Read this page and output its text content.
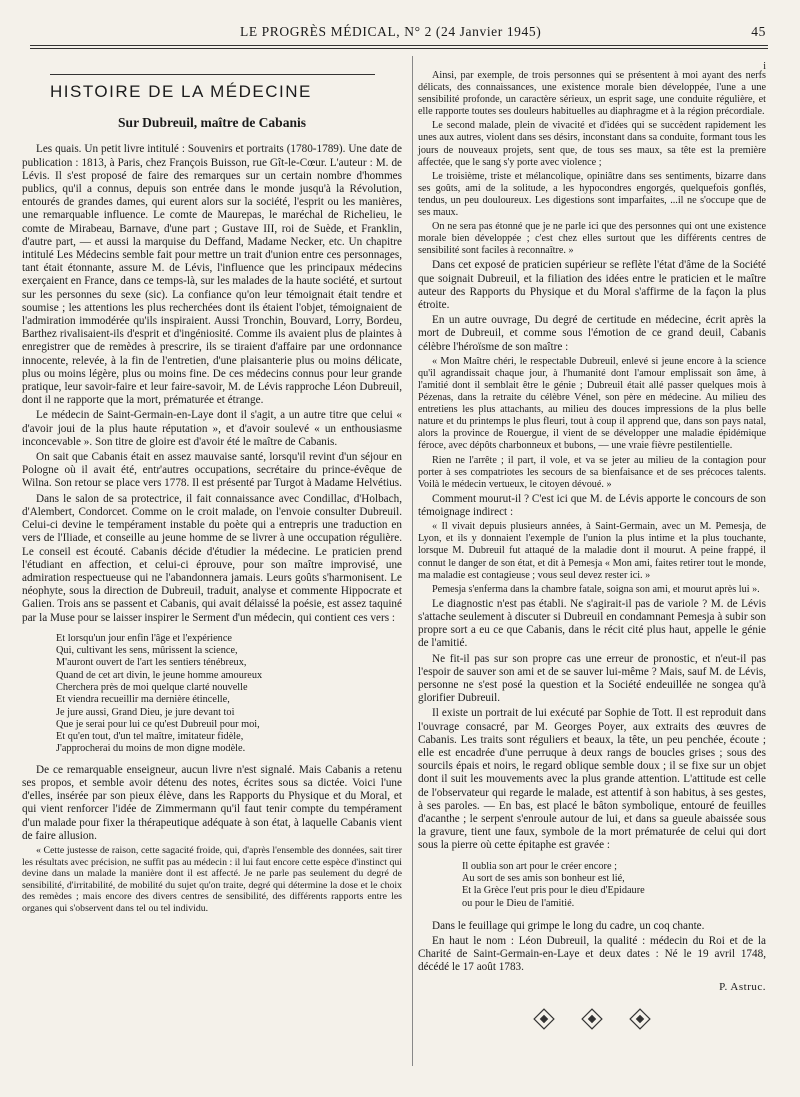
LE PROGRÈS MÉDICAL, N° 2 (24 Janvier 1945)	45
HISTOIRE DE LA MÉDECINE
Sur Dubreuil, maître de Cabanis

Les quais. Un petit livre intitulé : Souvenirs et portraits (1780-1789). Une date de publication : 1813, à Paris, chez François Buisson, rue Gît-le-Cœur. L'auteur : M. de Lévis. Il s'est proposé de faire des remarques sur un certain nombre d'hommes publics, qu'il a connus, depuis son entrée dans le monde jusqu'à la Révolution, entourés de grandes dames, qui eurent alors sur la société, l'esprit ou les manières, une remarquable influence. Le comte de Maurepas, le maréchal de Richelieu, le comte de Mirabeau, Barnave, d'une part ; Gustave III, roi de Suède, et Franklin, d'autre part, — et aussi la marquise du Deffand, Madame Necker, etc. Un chapitre intitulé Les Médecins semble fait pour mettre un trait d'union entre ces personnages, tant était étonnante, assure M. de Lévis, l'influence que les principaux médecins exerçaient en France, dans ce temps-là, sur les malades de la haute société, et surtout sur les personnes du sexe (sic). La confiance qu'on leur témoignait était tendre et soumise ; les attentions les plus recherchées dont ils étaient l'objet, témoignaient de l'admiration immodérée qu'ils inspiraient. Aussi Tronchin, Bouvard, Lorry, Bordeu, Barthez rivalisaient-ils d'esprit et d'ingéniosité. Comme ils avaient plus de plaintes à enregistrer que de remèdes à prescrire, ils se tiraient d'affaire par une ordonnance innocente, relevée, à la fin de l'entretien, d'une plaisanterie plus ou moins délicate, plus ou moins légère, plus ou moins fine. De ces médecins connus pour leur grande pratique, leur savoir-faire et leur faire-savoir, M. de Lévis rapproche Léon Dubreuil, dont il ne rapporte que la mort, prématurée et étrange.

Le médecin de Saint-Germain-en-Laye dont il s'agit, a un autre titre que celui « d'avoir joui de la plus haute réputation », et d'avoir soulevé « un enthousiasme inconcevable ». Son titre de gloire est d'avoir été le maître de Cabanis.

On sait que Cabanis était en assez mauvaise santé, lorsqu'il revint d'un séjour en Pologne où il avait été, entr'autres occupations, secrétaire du prince-évêque de Wilna. Son retour se place vers 1778. Il est présenté par Turgot à Madame Helvétius.

Dans le salon de sa protectrice, il fait connaissance avec Condillac, d'Holbach, d'Alembert, Condorcet. Comme on le croit malade, on l'envoie consulter Dubreuil. Celui-ci devine le tempérament instable du poète qui a entrepris une traduction en vers de l'Iliade, et conseille au jeune homme de se livrer à une occupation régulière. Le conseil est écouté. Cabanis décide d'étudier la médecine. Le praticien prend l'étudiant en affection, et celui-ci éprouve, pour son maître improvisé, une admiration respectueuse qui ne l'abandonnera jamais. Leurs goûts s'harmonisent. Le néophyte, sous la direction de Dubreuil, traduit, analyse et commente Hippocrate et Galien. Trois ans se passent et Cabanis, qui avait délaissé la poésie, est assez taquiné par la Muse pour se laisser inspirer le Serment d'un médecin, qui contient ces vers :

Et lorsqu'un jour enfin l'âge et l'expérience
Qui, cultivant les sens, mûrissent la science,
M'auront ouvert de l'art les sentiers ténébreux,
Quand de cet art divin, le jeune homme amoureux
Cherchera près de moi quelque clarté nouvelle
Et viendra recueillir ma dernière étincelle,
Je jure aussi, Grand Dieu, je jure devant toi
Que je serai pour lui ce qu'est Dubreuil pour moi,
Et qu'en tout, d'un tel maître, imitateur fidèle,
J'approcherai du moins de mon digne modèle.

De ce remarquable enseigneur, aucun livre n'est signalé. Mais Cabanis a retenu ses propos, et semble avoir détenu des notes, écrites sous sa dictée. Voici l'une d'elles, insérée par son pieux élève, dans les Rapports du Physique et du Moral, et qui vient renforcer l'idée de Zimmermann qu'il faut tenir compte du tempérament d'un malade pour fixer la thérapeutique adéquate à son état, à laquelle Cabanis vient de faire allusion.

« Cette justesse de raison, cette sagacité froide, qui, d'après l'ensemble des données, sait tirer les résultats avec précision, ne suffit pas au médecin : il lui faut encore cette espèce d'instinct qui devine dans un malade la manière dont il est affecté. Je ne parle pas seulement du degré de sensibilité, d'irritabilité, de mobilité du sujet qu'on traite, degré qui détermine la dose et le choix des remèdes ; mais encore des divers centres de sensibilité, des différents rapports entre les organes qui s'observent dans tel ou tel individu.

i

Ainsi, par exemple, de trois personnes qui se présentent à moi ayant des nerfs délicats, des connaissances, une existence morale bien développée, l'une a une sensibilité profonde, un caractère sérieux, un esprit sage, une conduite régulière, et elle rapporte toutes ses douleurs habituelles au diaphragme et à la région précordiale.

Le second malade, plein de vivacité et d'idées qui se succèdent rapidement les unes aux autres, violent dans ses désirs, inconstant dans sa conduite, formant tous les jours de nouveaux projets, sent que, de tous ses maux, sa tête est la première affectée, que le sang s'y porte avec violence ;

Le troisième, triste et mélancolique, opiniâtre dans ses sentiments, bizarre dans ses goûts, ami de la solitude, a les hypocondres engorgés, quelquefois gonflés, tendus, un peu douloureux. Les digestions sont imparfaites, ...il ne s'occupe que de ses maux.

On ne sera pas étonné que je ne parle ici que des personnes qui ont une existence morale bien développée ; c'est chez elles surtout que les différents centres de sensibilité sont faciles à reconnaître. »

Dans cet exposé de praticien supérieur se reflète l'état d'âme de la Société que soignait Dubreuil, et la filiation des idées entre le praticien et le maître auteur des Rapports du Physique et du Moral s'affirme de la façon la plus étroite.

En un autre ouvrage, Du degré de certitude en médecine, écrit après la mort de Dubreuil, et comme sous l'émotion de ce grand deuil, Cabanis célèbre l'héroïsme de son maître :

« Mon Maître chéri, le respectable Dubreuil, enlevé si jeune encore à la science qu'il agrandissait chaque jour, à l'humanité dont l'amour emplissait son âme, à l'amitié dont il semblait être le génie ; Dubreuil était allé passer quelques mois à Pézenas, dans la retraite du célèbre Vénel, son père en médecine. Au milieu des entretiens les plus attachants, au milieu des douces impressions de la plus belle nature et du printemps le plus fleuri, tout à coup il apprend que, dans son pays natal, alors la province de Rouergue, il vient de se développer une maladie épidémique féroce, avec dépôts charbonneux et bubons, — une vraie fièvre pestilentielle.

Rien ne l'arrête ; il part, il vole, et va se jeter au milieu de la contagion pour porter à ses compatriotes les secours de sa bienfaisance et de ses précoces talents. Voilà le médecin vertueux, le citoyen dévoué. »

Comment mourut-il ? C'est ici que M. de Lévis apporte le concours de son témoignage indirect :

« Il vivait depuis plusieurs années, à Saint-Germain, avec un M. Pemesja, de Lyon, et ils y donnaient l'exemple de l'union la plus intime et la plus touchante, lorsque M. Dubreuil fut attaqué de la maladie dont il mourut. A peine frappé, il connut le danger de son état, et dit à Pemesja « Mon ami, faites retirer tout le monde, ma maladie est contagieuse ; vous seul devez rester ici. »

Pemesja s'enferma dans la chambre fatale, soigna son ami, et mourut après lui ».

Le diagnostic n'est pas établi. Ne s'agirait-il pas de variole ? M. de Lévis s'attache seulement à discuter si Dubreuil en condamnant Pemesja à subir son propre sort a eu ce que Cabanis, dans le récit cité plus haut, appelle le génie de l'amitié.

Ne fit-il pas sur son propre cas une erreur de pronostic, et n'eut-il pas l'espoir de sauver son ami et de se sauver lui-même ? Mais, sauf M. de Lévis, personne ne s'est posé la question et la Société endeuillée ne songea qu'à glorifier Dubreuil.

Il existe un portrait de lui exécuté par Sophie de Tott. Il est reproduit dans l'ouvrage consacré, par M. Georges Poyer, aux extraits des œuvres de Cabanis. Les traits sont réguliers et beaux, la tête, un peu penchée, écoute ; elle est encadrée d'une perruque à deux rangs de boucles grises ; sous des sourcils épais et noirs, le regard oblique semble doux ; il se fixe sur un objet dont il suit les mouvements avec la plus grande attention. L'attitude est celle de l'observateur qui regarde le malade, est attentif à son habitus, à ses gestes, à ses paroles. — En bas, est placé le bâton symbolique, entouré de feuilles d'acanthe ; le serpent s'enroule autour de lui, et dans sa gueule abaissée sous la gravure, tient une faux, symbole de la mort prématurée de celui qui dort sous la pierre où cette épitaphe est gravée :

Il oublia son art pour le créer encore ;
Au sort de ses amis son bonheur est lié,
Et la Grèce l'eut pris pour le dieu d'Epidaure
ou pour le Dieu de l'amitié.

Dans le feuillage qui grimpe le long du cadre, un coq chante.

En haut le nom : Léon Dubreuil, la qualité : médecin du Roi et de la Charité de Saint-Germain-en-Laye et deux dates : Né le 19 avril 1748, décédé le 17 août 1783.

P. Astruc.
